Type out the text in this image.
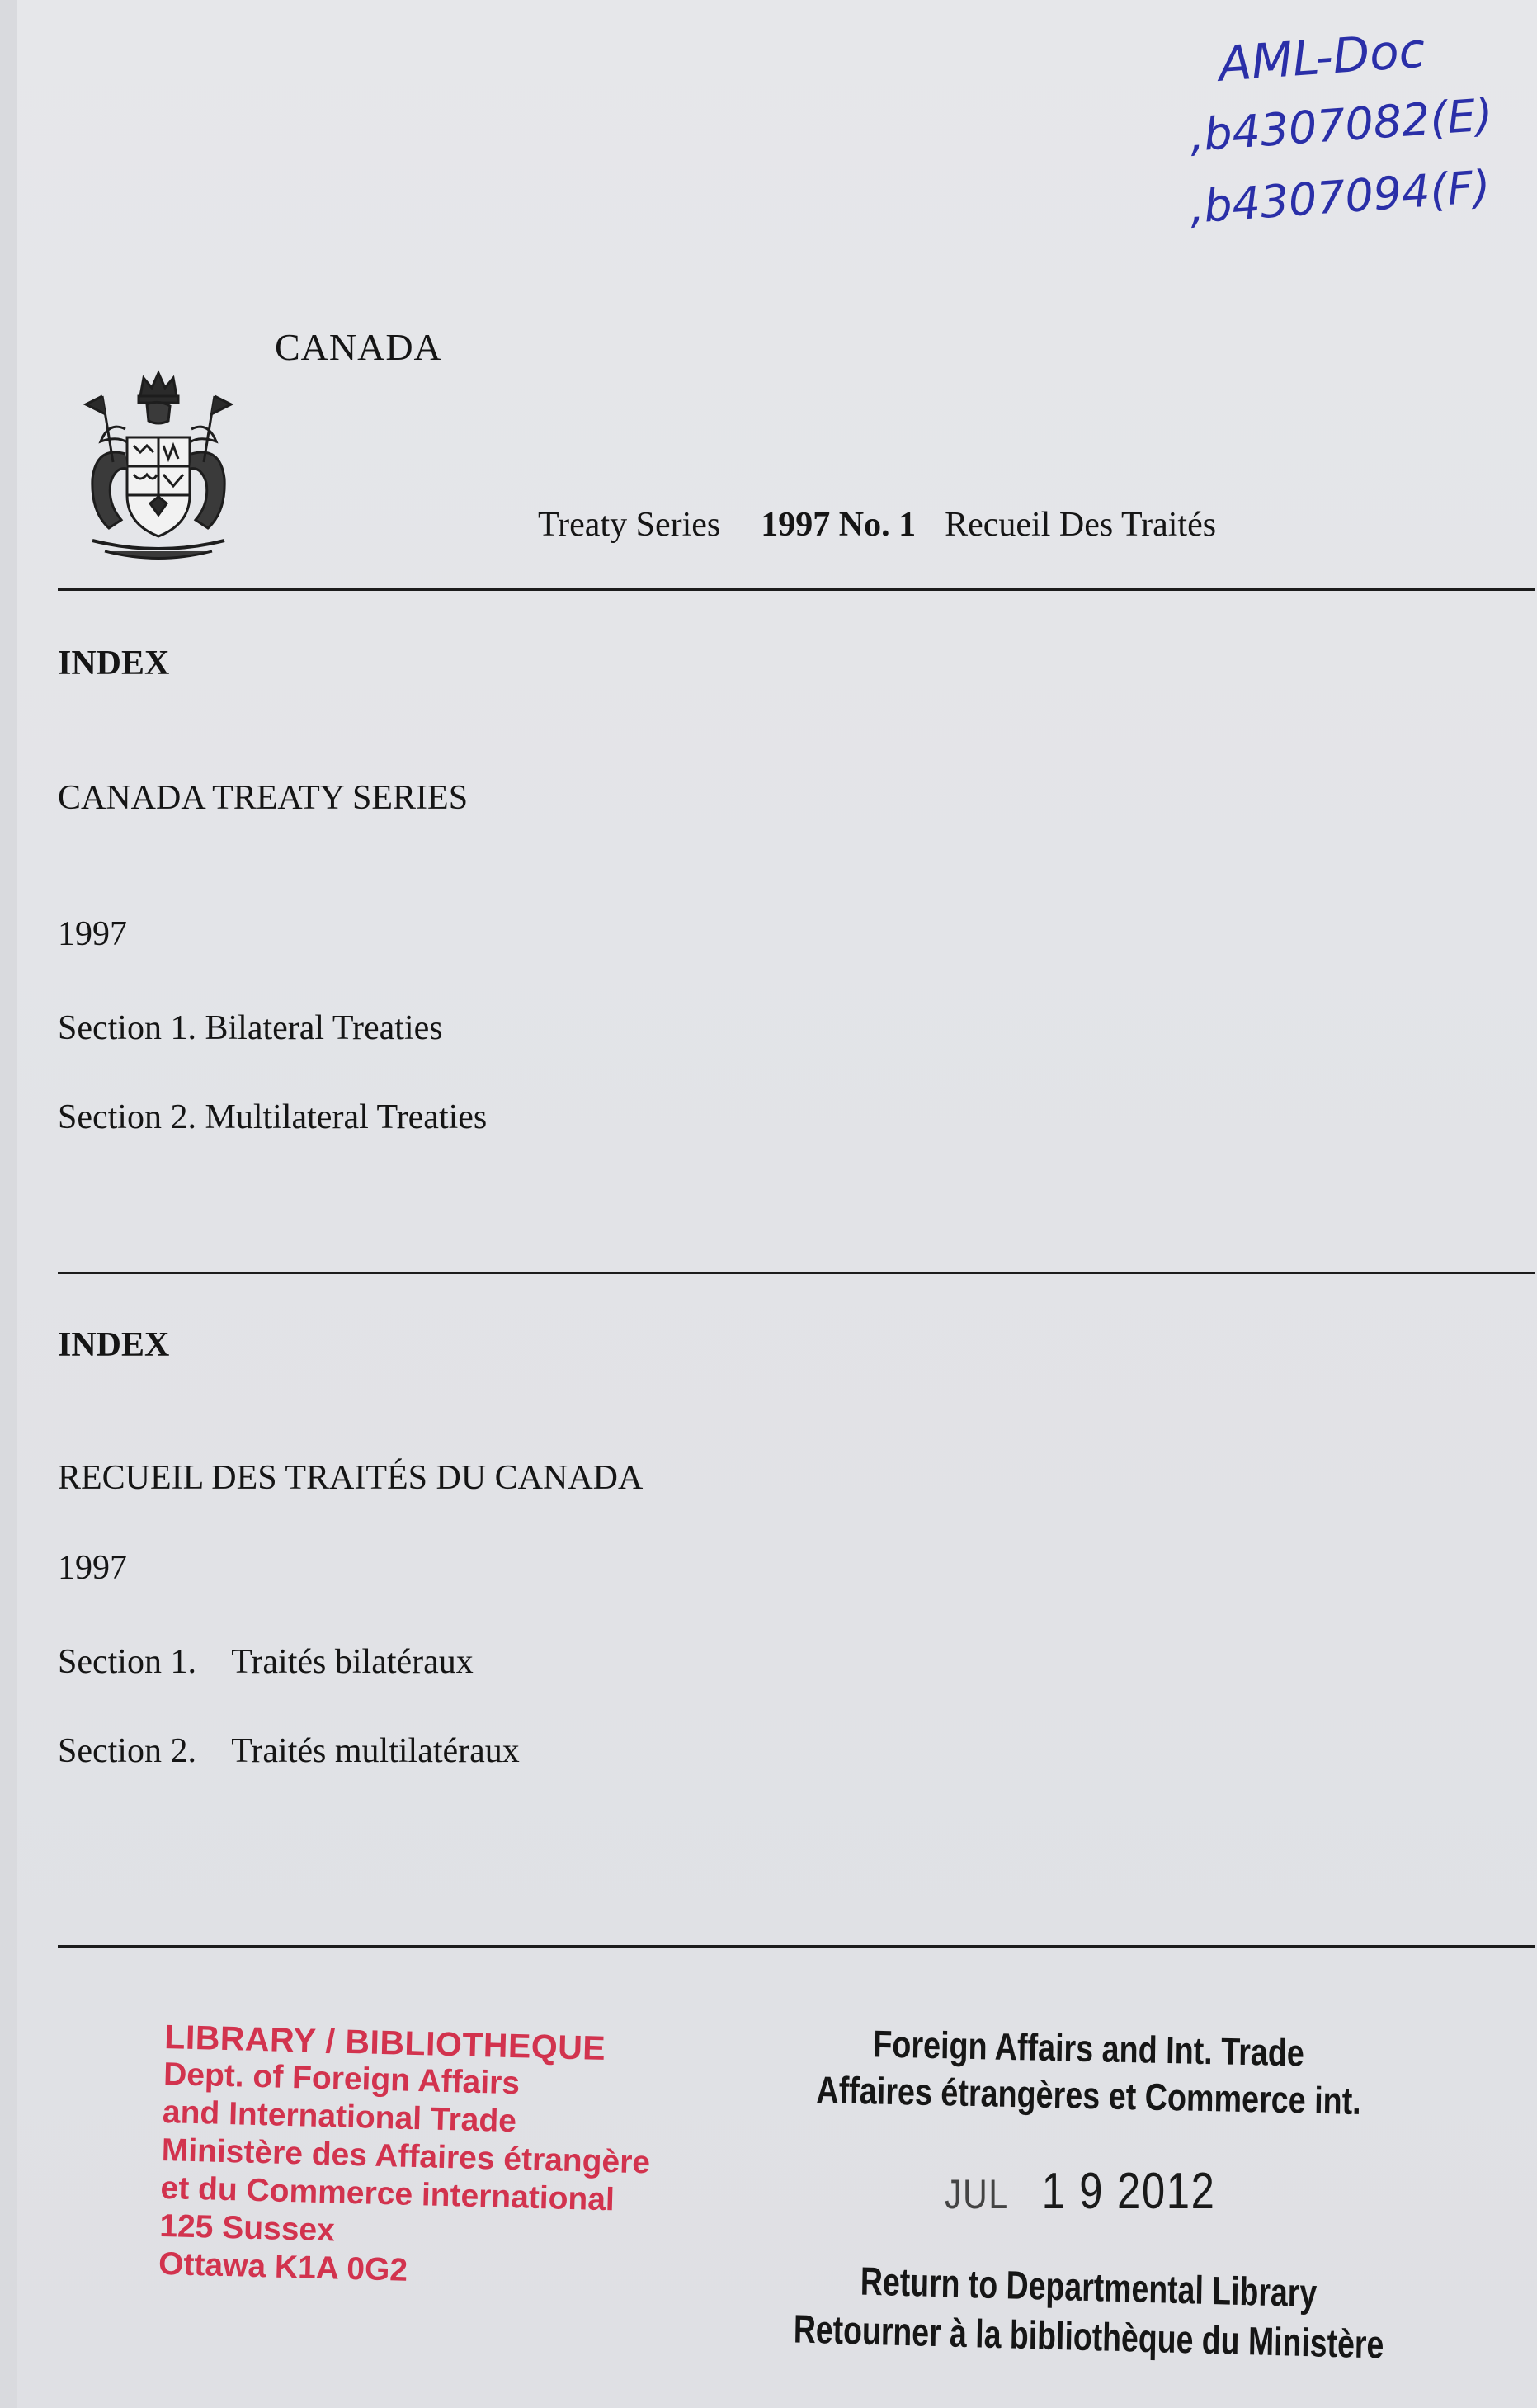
AML-Doc
,b4307082(E)
,b4307094(F)
CANADA
Treaty Series 1997 No. 1 Recueil Des Traités
INDEX
CANADA TREATY SERIES
1997
Section 1. Bilateral Treaties
Section 2. Multilateral Treaties
INDEX
RECUEIL DES TRAITÉS DU CANADA
1997
Section 1. Traités bilatéraux
Section 2. Traités multilatéraux
LIBRARY / BIBLIOTHEQUE
Dept. of Foreign Affairs
and International Trade
Ministère des Affaires étrangère
et du Commerce international
125 Sussex
Ottawa K1A 0G2
Foreign Affairs and Int. Trade
Affaires étrangères et Commerce int.
JUL 1 9 2012
Return to Departmental Library
Retourner à la bibliothèque du Ministère
